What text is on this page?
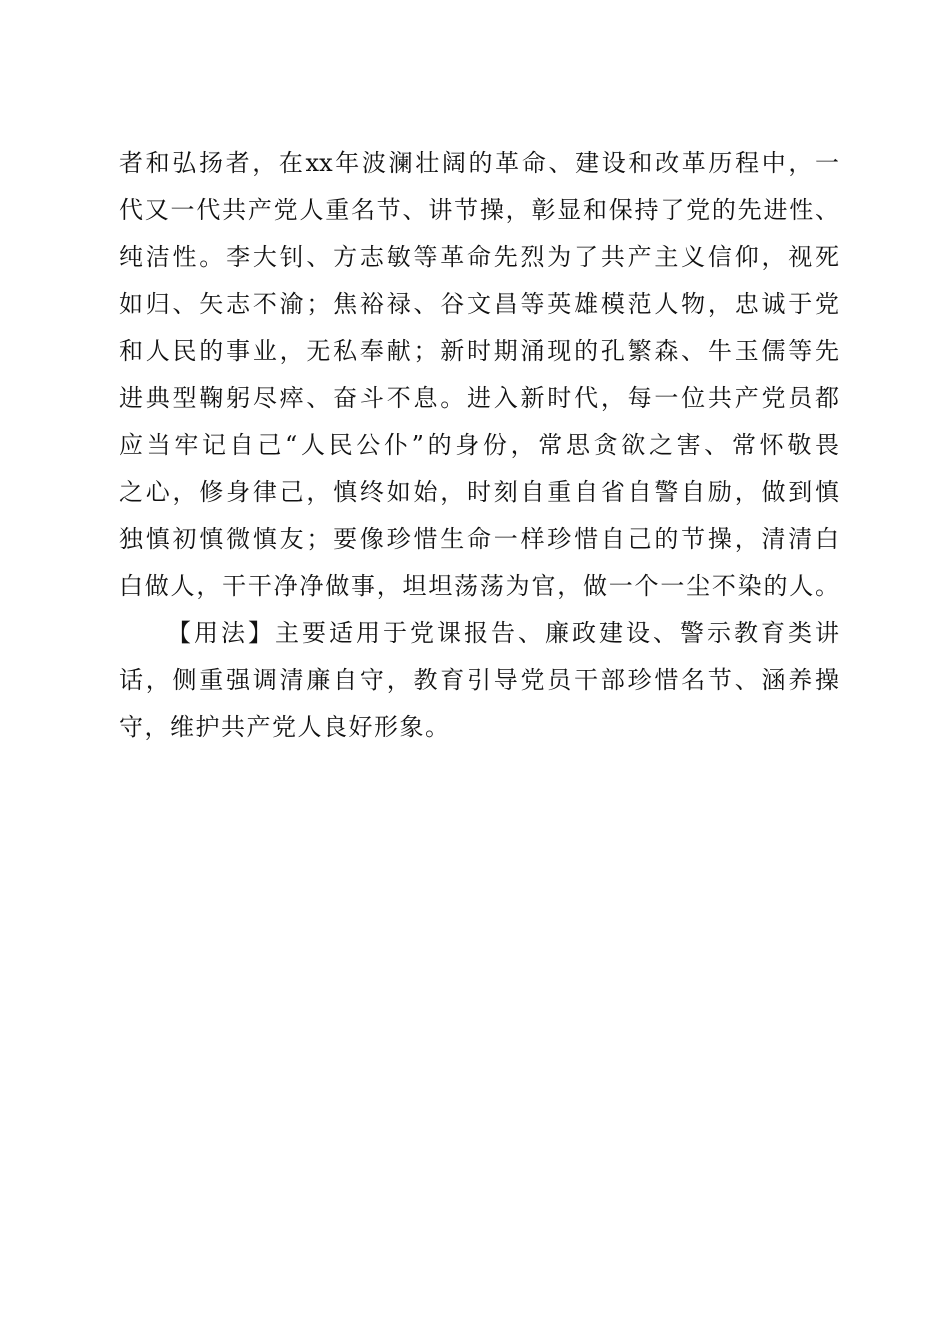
者和弘扬者，在xx年波澜壮阔的革命、建设和改革历程中，一
代又一代共产党人重名节、讲节操，彰显和保持了党的先进性、
纯洁性。李大钊、方志敏等革命先烈为了共产主义信仰，视死
如归、矢志不渝；焦裕禄、谷文昌等英雄模范人物，忠诚于党
和人民的事业，无私奉献；新时期涌现的孔繁森、牛玉儒等先
进典型鞠躬尽瘁、奋斗不息。进入新时代，每一位共产党员都
应当牢记自己“人民公仆”的身份，常思贪欲之害、常怀敬畏
之心，修身律己，慎终如始，时刻自重自省自警自励，做到慎
独慎初慎微慎友；要像珍惜生命一样珍惜自己的节操，清清白
白做人，干干净净做事，坦坦荡荡为官，做一个一尘不染的人。
【用法】主要适用于党课报告、廉政建设、警示教育类讲
话，侧重强调清廉自守，教育引导党员干部珍惜名节、涵养操
守，维护共产党人良好形象。
